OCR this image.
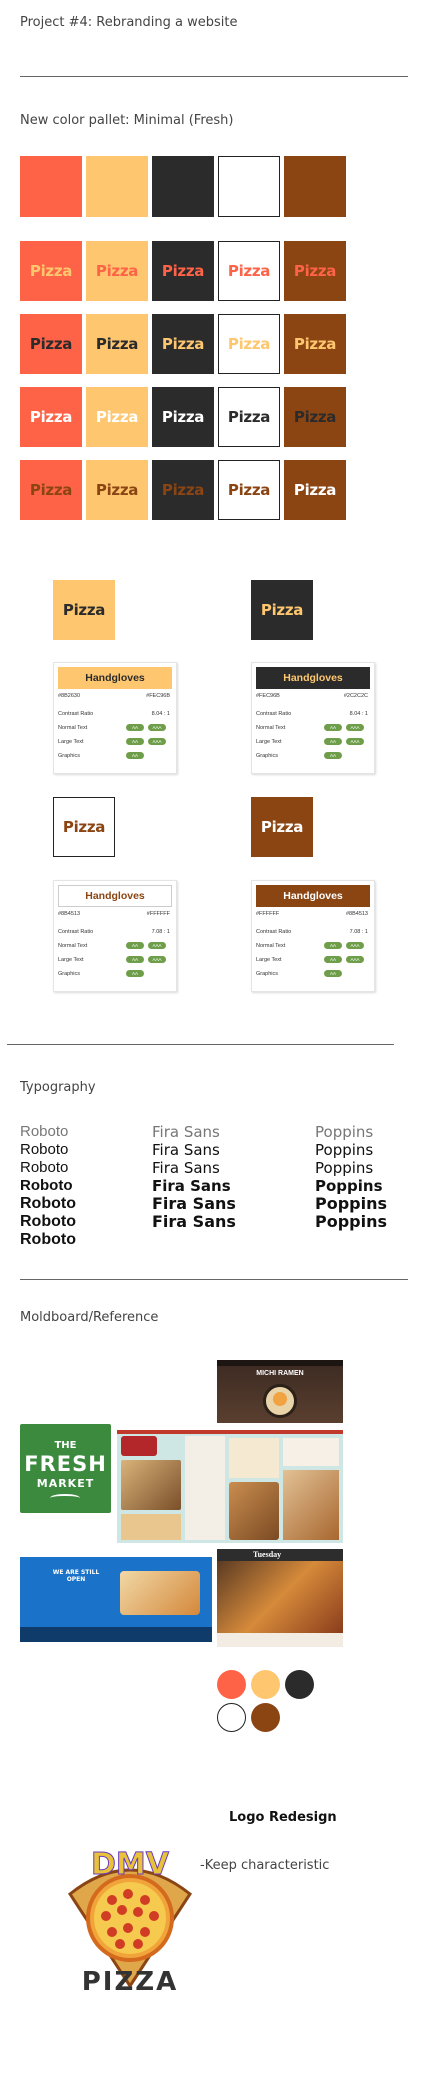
Project #4: Rebranding a website
New color pallet: Minimal (Fresh)
Pizza	Pizza	Pizza	Pizza	Pizza
Pizza	Pizza	Pizza	Pizza	Pizza
Pizza	Pizza	Pizza	Pizza	Pizza
Pizza	Pizza	Pizza	Pizza	Pizza
Pizza	Pizza
Pizza	Pizza
Handgloves
#8B2630	#FEC96B
Contrast Ratio	8.04 : 1
Normal Text	AA	AAA
Large Text	AA	AAA
Graphics	AA
Handgloves
#FEC96B	#2C2C2C
Contrast Ratio	8.04 : 1
Normal Text	AA	AAA
Large Text	AA	AAA
Graphics	AA
Handgloves
#8B4513	#FFFFFF
Contrast Ratio	7.08 : 1
Normal Text	AA	AAA
Large Text	AA	AAA
Graphics	AA
Handgloves
#FFFFFF	#8B4513
Contrast Ratio	7.08 : 1
Normal Text	AA	AAA
Large Text	AA	AAA
Graphics	AA
Typography
Roboto
Roboto
Roboto
Roboto
Roboto
Roboto
Roboto
Fira Sans
Fira Sans
Fira Sans
Fira Sans
Fira Sans
Fira Sans
Poppins
Poppins
Poppins
Poppins
Poppins
Poppins
Moldboard/Reference
MICHI RAMEN
THE
FRESH
MARKET
WE ARE STILL OPEN
Tuesday
Logo Redesign
-Keep characteristic
DMV
PIZZA
